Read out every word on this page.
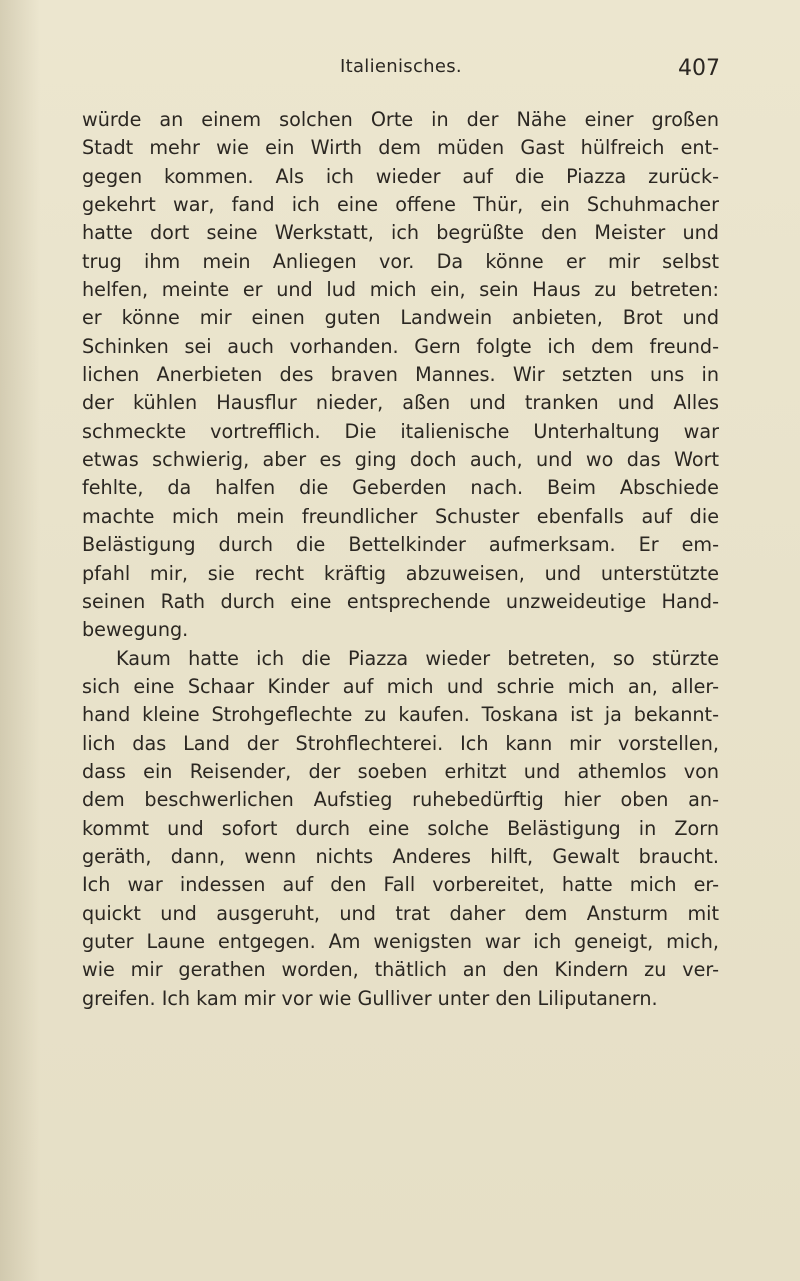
Italienisches.	407
würde an einem solchen Orte in der Nähe einer großen
Stadt mehr wie ein Wirth dem müden Gast hülfreich ent-
gegen kommen. Als ich wieder auf die Piazza zurück-
gekehrt war, fand ich eine offene Thür, ein Schuhmacher
hatte dort seine Werkstatt, ich begrüßte den Meister und
trug ihm mein Anliegen vor. Da könne er mir selbst
helfen, meinte er und lud mich ein, sein Haus zu betreten:
er könne mir einen guten Landwein anbieten, Brot und
Schinken sei auch vorhanden. Gern folgte ich dem freund-
lichen Anerbieten des braven Mannes. Wir setzten uns in
der kühlen Hausflur nieder, aßen und tranken und Alles
schmeckte vortrefflich. Die italienische Unterhaltung war
etwas schwierig, aber es ging doch auch, und wo das Wort
fehlte, da halfen die Geberden nach. Beim Abschiede
machte mich mein freundlicher Schuster ebenfalls auf die
Belästigung durch die Bettelkinder aufmerksam. Er em-
pfahl mir, sie recht kräftig abzuweisen, und unterstützte
seinen Rath durch eine entsprechende unzweideutige Hand-
bewegung.
Kaum hatte ich die Piazza wieder betreten, so stürzte
sich eine Schaar Kinder auf mich und schrie mich an, aller-
hand kleine Strohgeflechte zu kaufen. Toskana ist ja bekannt-
lich das Land der Strohflechterei. Ich kann mir vorstellen,
dass ein Reisender, der soeben erhitzt und athemlos von
dem beschwerlichen Aufstieg ruhebedürftig hier oben an-
kommt und sofort durch eine solche Belästigung in Zorn
geräth, dann, wenn nichts Anderes hilft, Gewalt braucht.
Ich war indessen auf den Fall vorbereitet, hatte mich er-
quickt und ausgeruht, und trat daher dem Ansturm mit
guter Laune entgegen. Am wenigsten war ich geneigt, mich,
wie mir gerathen worden, thätlich an den Kindern zu ver-
greifen. Ich kam mir vor wie Gulliver unter den Liliputanern.
